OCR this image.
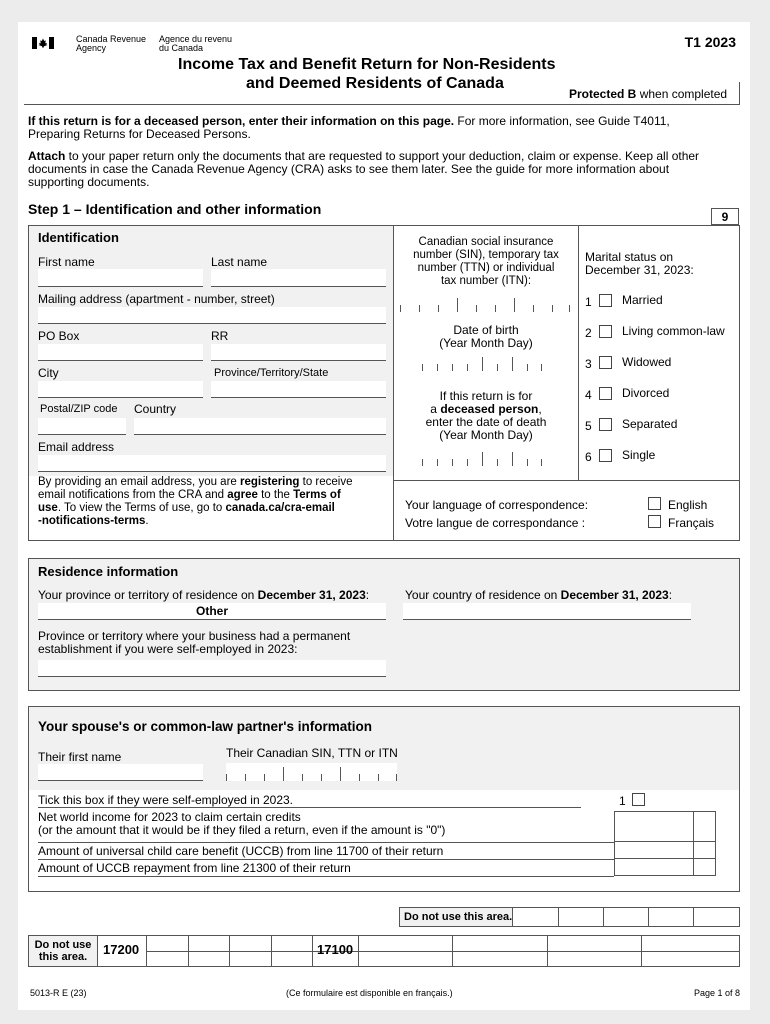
Canada Revenue
Agency
Agence du revenu
du Canada	T1 2023
Income Tax and Benefit Return for Non-Residents
and Deemed Residents of Canada
Protected B when completed
If this return is for a deceased person, enter their information on this page. For more information, see Guide T4011,
Preparing Returns for Deceased Persons.
Attach to your paper return only the documents that are requested to support your deduction, claim or expense. Keep all other
documents in case the Canada Revenue Agency (CRA) asks to see them later. See the guide for more information about
supporting documents.
Step 1 – Identification and other information	9
Identification
First name	Last name
Mailing address (apartment - number, street)
PO Box	RR
City	Province/Territory/State
Postal/ZIP code Country
Email address
By providing an email address, you are registering to receive
email notifications from the CRA and agree to the Terms of
use. To view the Terms of use, go to canada.ca/cra-email
-notifications-terms.
Canadian social insurance
number (SIN), temporary tax
number (TTN) or individual
tax number (ITN):
Date of birth
(Year Month Day)
If this return is for
a deceased person,
enter the date of death
(Year Month Day)
Marital status on
December 31, 2023:
Your language of correspondence:
Votre langue de correspondance :
English
Français
Residence information
Your province or territory of residence on December 31, 2023:
Other
Your country of residence on December 31, 2023:
Province or territory where your business had a permanent
establishment if you were self-employed in 2023:
Your spouse's or common-law partner's information
Their first name	Their Canadian SIN, TTN or ITN
Tick this box if they were self-employed in 2023.	1
Net world income for 2023 to claim certain credits
(or the amount that it would be if they filed a return, even if the amount is "0")
Amount of universal child care benefit (UCCB) from line 11700 of their return
Amount of UCCB repayment from line 21300 of their return
Do not use this area.
Do not use
this area.	17200	17100
5013-R E (23)	(Ce formulaire est disponible en français.)	Page 1 of 8
1	Married
2	Living common-law
3	Widowed
4	Divorced
5	Separated
6	Single
